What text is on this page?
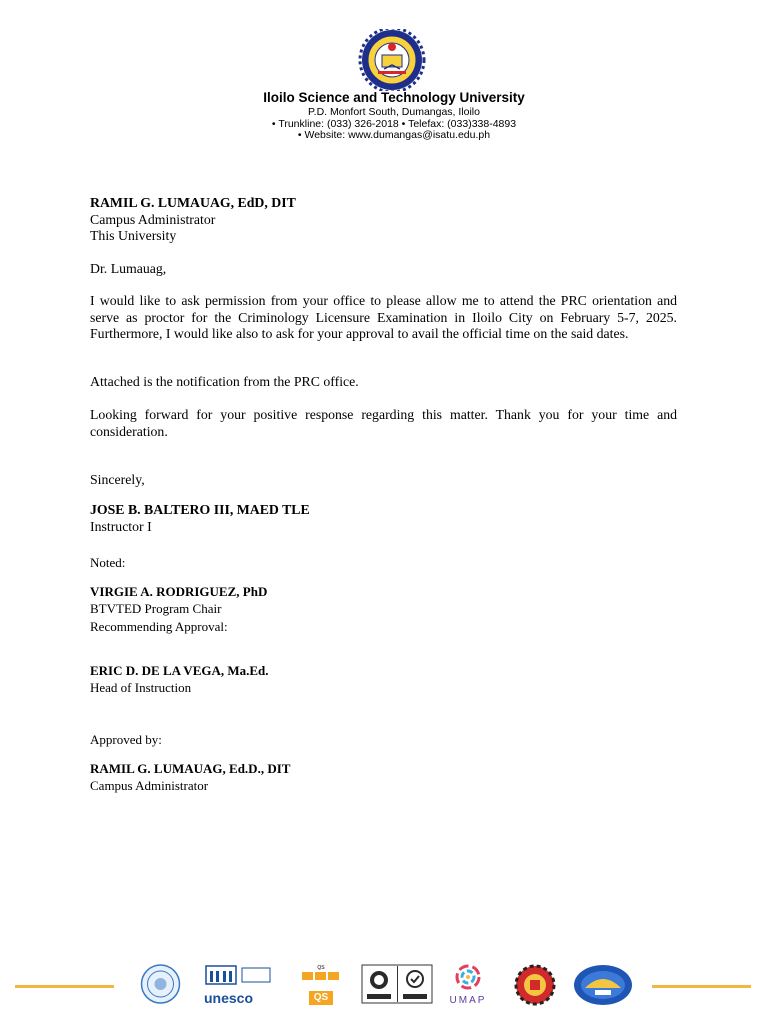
Iloilo Science and Technology University
P.D. Monfort South, Dumangas, Iloilo
• Trunkline: (033) 326-2018 • Telefax: (033)338-4893
• Website: www.dumangas@isatu.edu.ph

RAMIL G. LUMAUAG, EdD, DIT

Campus Administrator

This University

Dr. Lumauag,
I would like to ask permission from your office to please allow me to attend the PRC orientation and serve as proctor for the Criminology Licensure Examination in Iloilo City on February 5-7, 2025. Furthermore, I would like also to ask for your approval to avail the official time on the said dates.
Attached is the notification from the PRC office.
Looking forward for your positive response regarding this matter. Thank you for your time and consideration.
Sincerely,

JOSE B. BALTERO III, MAED TLE

Instructor I

Noted:

VIRGIE A. RODRIGUEZ, PhD

BTVTED Program Chair

Recommending Approval:

ERIC D. DE LA VEGA, Ma.Ed.

Head of Instruction

Approved by:

RAMIL G. LUMAUAG, Ed.D., DIT

Campus Administrator

unesco
QS
QS	UMAP
